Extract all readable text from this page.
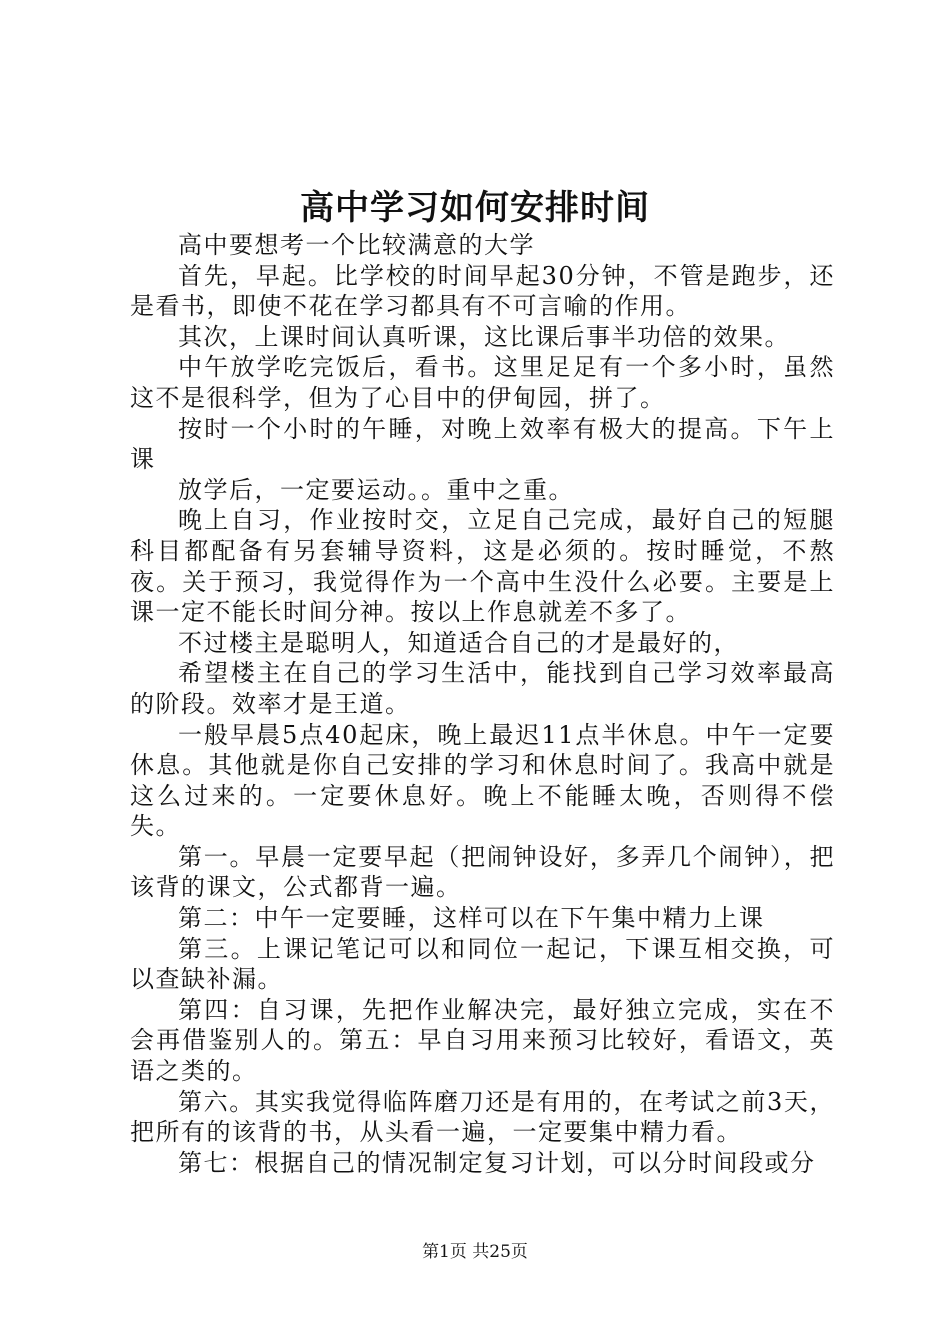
高中学习如何安排时间

高中要想考一个比较满意的大学

首先，早起。比学校的时间早起30分钟，不管是跑步，还是看书，即使不花在学习都具有不可言喻的作用。

其次，上课时间认真听课，这比课后事半功倍的效果。

中午放学吃完饭后，看书。这里足足有一个多小时，虽然这不是很科学，但为了心目中的伊甸园，拼了。

按时一个小时的午睡，对晚上效率有极大的提高。下午上课

放学后，一定要运动。。重中之重。

晚上自习，作业按时交，立足自己完成，最好自己的短腿科目都配备有另套辅导资料，这是必须的。按时睡觉，不熬夜。关于预习，我觉得作为一个高中生没什么必要。主要是上课一定不能长时间分神。按以上作息就差不多了。

不过楼主是聪明人，知道适合自己的才是最好的，

希望楼主在自己的学习生活中，能找到自己学习效率最高的阶段。效率才是王道。

一般早晨5点40起床，晚上最迟11点半休息。中午一定要休息。其他就是你自己安排的学习和休息时间了。我高中就是这么过来的。一定要休息好。晚上不能睡太晚，否则得不偿失。

第一。早晨一定要早起（把闹钟设好，多弄几个闹钟），把该背的课文，公式都背一遍。

第二：中午一定要睡，这样可以在下午集中精力上课

第三。上课记笔记可以和同位一起记，下课互相交换，可以查缺补漏。

第四：自习课，先把作业解决完，最好独立完成，实在不会再借鉴别人的。第五：早自习用来预习比较好，看语文，英语之类的。

第六。其实我觉得临阵磨刀还是有用的，在考试之前3天，把所有的该背的书，从头看一遍，一定要集中精力看。

第七：根据自己的情况制定复习计划，可以分时间段或分

第1页 共25页
